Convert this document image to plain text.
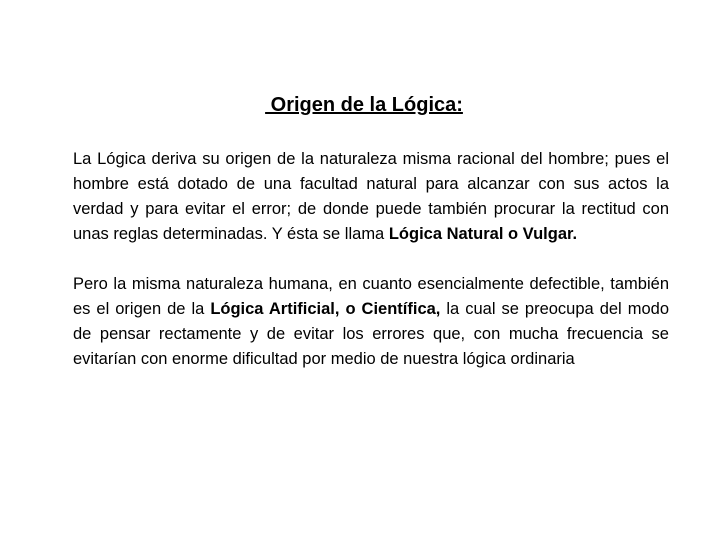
Origen de la Lógica:

La Lógica deriva su origen de la naturaleza misma racional del hombre; pues el hombre está dotado de una facultad natural para alcanzar con sus actos la verdad y para evitar el error; de donde puede también procurar la rectitud con unas reglas determinadas. Y ésta se llama Lógica Natural o Vulgar.

Pero la misma naturaleza humana, en cuanto esencialmente defectible, también es el origen de la Lógica Artificial, o Científica, la cual se preocupa del modo de pensar rectamente y de evitar los errores que, con mucha frecuencia se evitarían con enorme dificultad por medio de nuestra lógica ordinaria
